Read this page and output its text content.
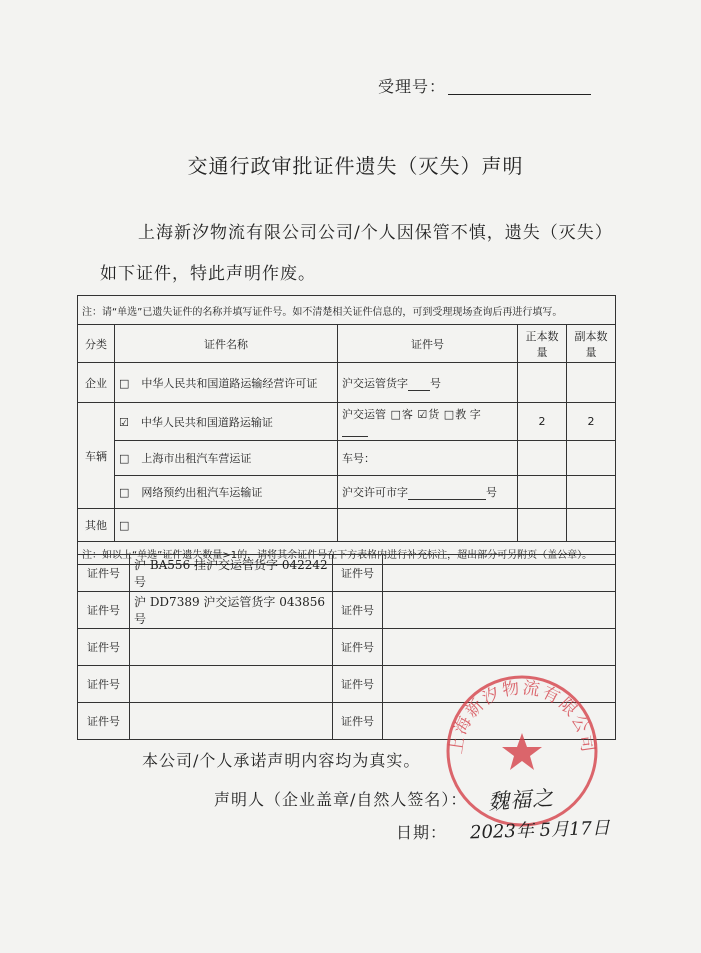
受理号：
交通行政审批证件遗失（灭失）声明
上海新汐物流有限公司公司/个人因保管不慎，遗失（灭失）
如下证件，特此声明作废。
注：请“单选”已遗失证件的名称并填写证件号。如不清楚相关证件信息的，可到受理现场查询后再进行填写。				
分类	证件名称	证件号	正本数量	副本数量
企业	□ 中华人民共和国道路运输经营许可证	沪交运管货字 号		
车辆	☑ 中华人民共和国道路运输证	沪交运管 □客 ☑货 □教 字	2	2
	□ 上海市出租汽车营运证	车号：		
	□ 网络预约出租汽车运输证	沪交许可市字 号		
其他	□			
注：如以上“单选”证件遗失数量>1的，请将其余证件号在下方表格内进行补充标注，超出部分可另附页（盖公章）。				
证件号	沪 BA556 挂沪交运管货字 042242 号	证件号	
证件号	沪 DD7389 沪交运管货字 043856 号	证件号	
证件号		证件号	
证件号		证件号	
证件号		证件号	
上海新汐物流有限公司
本公司/个人承诺声明内容均为真实。
声明人（企业盖章/自然人签名）： 魏福之
日期： 2023年 5月17日
